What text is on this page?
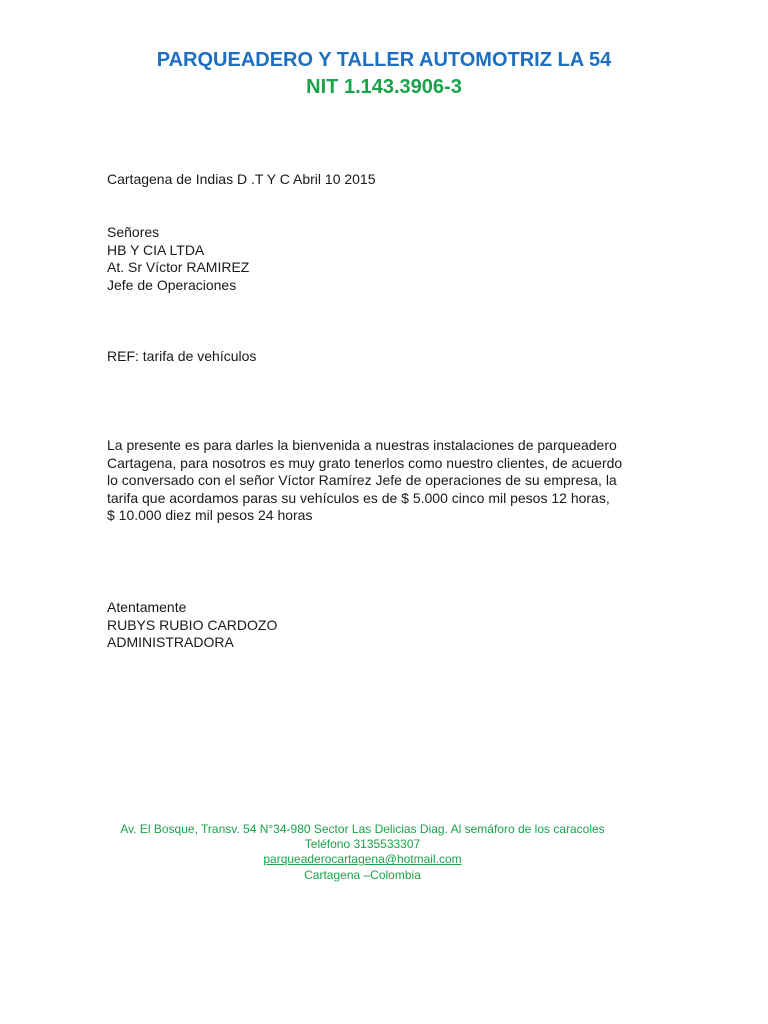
PARQUEADERO Y TALLER AUTOMOTRIZ LA 54
NIT 1.143.3906-3
Cartagena de Indias D .T Y C Abril 10 2015
Señores
HB Y CIA LTDA
At. Sr Víctor RAMIREZ
Jefe de Operaciones
REF: tarifa de vehículos
La presente es para darles la bienvenida a nuestras instalaciones de parqueadero
Cartagena, para nosotros es muy grato tenerlos como nuestro clientes, de acuerdo
lo conversado con el señor Víctor Ramírez Jefe de operaciones de su empresa, la
tarifa que acordamos paras su vehículos es de $ 5.000 cinco mil pesos 12 horas,
$ 10.000 diez mil pesos 24 horas
Atentamente
RUBYS RUBIO CARDOZO
ADMINISTRADORA
Av. El Bosque, Transv. 54 N°34-980 Sector Las Delicias Diag. Al semáforo de los caracoles
Teléfono 3135533307
parqueaderocartagena@hotmail.com
Cartagena –Colombia
